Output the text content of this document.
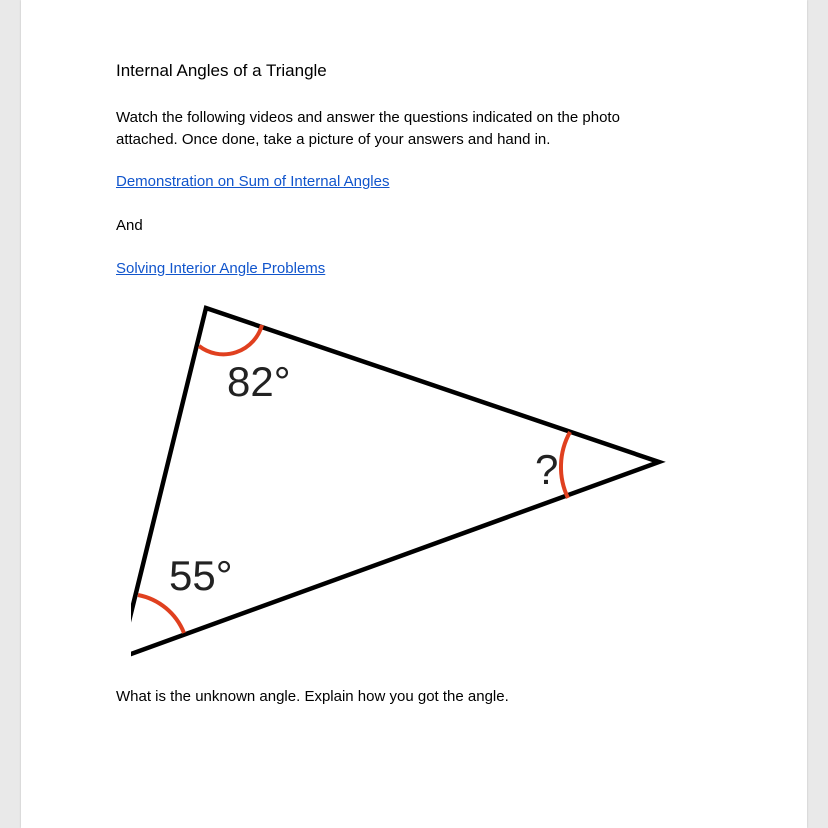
Internal Angles of a Triangle
Watch the following videos and answer the questions indicated on the photo
attached. Once done, take a picture of your answers and hand in.
Demonstration on Sum of Internal Angles
And
Solving Interior Angle Problems
What is the unknown angle. Explain how you got the angle.
82°
?
55°
